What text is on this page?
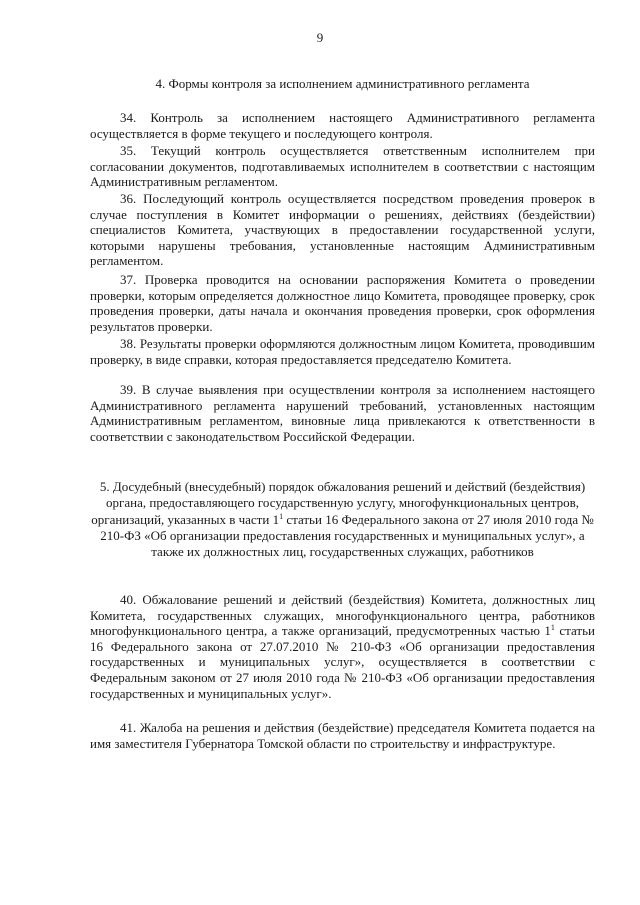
9
4. Формы контроля за исполнением административного регламента

34. Контроль за исполнением настоящего Административного регламента осуществляется в форме текущего и последующего контроля.

35. Текущий контроль осуществляется ответственным исполнителем при согласовании документов, подготавливаемых исполнителем в соответствии с настоящим Административным регламентом.

36. Последующий контроль осуществляется посредством проведения проверок в случае поступления в Комитет информации о решениях, действиях (бездействии) специалистов Комитета, участвующих в предоставлении государственной услуги, которыми нарушены требования, установленные настоящим Административным регламентом.

37. Проверка проводится на основании распоряжения Комитета о проведении проверки, которым определяется должностное лицо Комитета, проводящее проверку, срок проведения проверки, даты начала и окончания проведения проверки, срок оформления результатов проверки.

38. Результаты проверки оформляются должностным лицом Комитета, проводившим проверку, в виде справки, которая предоставляется председателю Комитета.

39. В случае выявления при осуществлении контроля за исполнением настоящего Административного регламента нарушений требований, установленных настоящим Административным регламентом, виновные лица привлекаются к ответственности в соответствии с законодательством Российской Федерации.

5. Досудебный (внесудебный) порядок обжалования решений и действий (бездействия) органа, предоставляющего государственную услугу, многофункциональных центров, организаций, указанных в части $1^1$ статьи 16 Федерального закона от 27 июля 2010 года № 210-ФЗ «Об организации предоставления государственных и муниципальных услуг», а также их должностных лиц, государственных служащих, работников

40. Обжалование решений и действий (бездействия) Комитета, должностных лиц Комитета, государственных служащих, многофункционального центра, работников многофункционального центра, а также организаций, предусмотренных частью $1^1$ статьи 16 Федерального закона от 27.07.2010 № 210-ФЗ «Об организации предоставления государственных и муниципальных услуг», осуществляется в соответствии с Федеральным законом от 27 июля 2010 года № 210-ФЗ «Об организации предоставления государственных и муниципальных услуг».

41. Жалоба на решения и действия (бездействие) председателя Комитета подается на имя заместителя Губернатора Томской области по строительству и инфраструктуре.
